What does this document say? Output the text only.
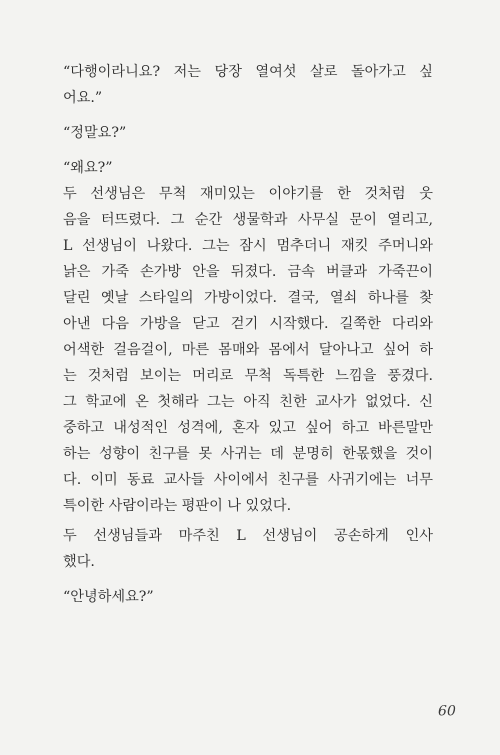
“다행이라니요? 저는 당장 열여섯 살로 돌아가고 싶
어요.”
“정말요?”
“왜요?”
두 선생님은 무척 재미있는 이야기를 한 것처럼 웃
음을 터뜨렸다. 그 순간 생물학과 사무실 문이 열리고,
L 선생님이 나왔다. 그는 잠시 멈추더니 재킷 주머니와
낡은 가죽 손가방 안을 뒤졌다. 금속 버클과 가죽끈이
달린 옛날 스타일의 가방이었다. 결국, 열쇠 하나를 찾
아낸 다음 가방을 닫고 걷기 시작했다. 길쭉한 다리와
어색한 걸음걸이, 마른 몸매와 몸에서 달아나고 싶어 하
는 것처럼 보이는 머리로 무척 독특한 느낌을 풍겼다.
그 학교에 온 첫해라 그는 아직 친한 교사가 없었다. 신
중하고 내성적인 성격에, 혼자 있고 싶어 하고 바른말만
하는 성향이 친구를 못 사귀는 데 분명히 한몫했을 것이
다. 이미 동료 교사들 사이에서 친구를 사귀기에는 너무
특이한 사람이라는 평판이 나 있었다.
두 선생님들과 마주친 L 선생님이 공손하게 인사
했다.
“안녕하세요?”
09
